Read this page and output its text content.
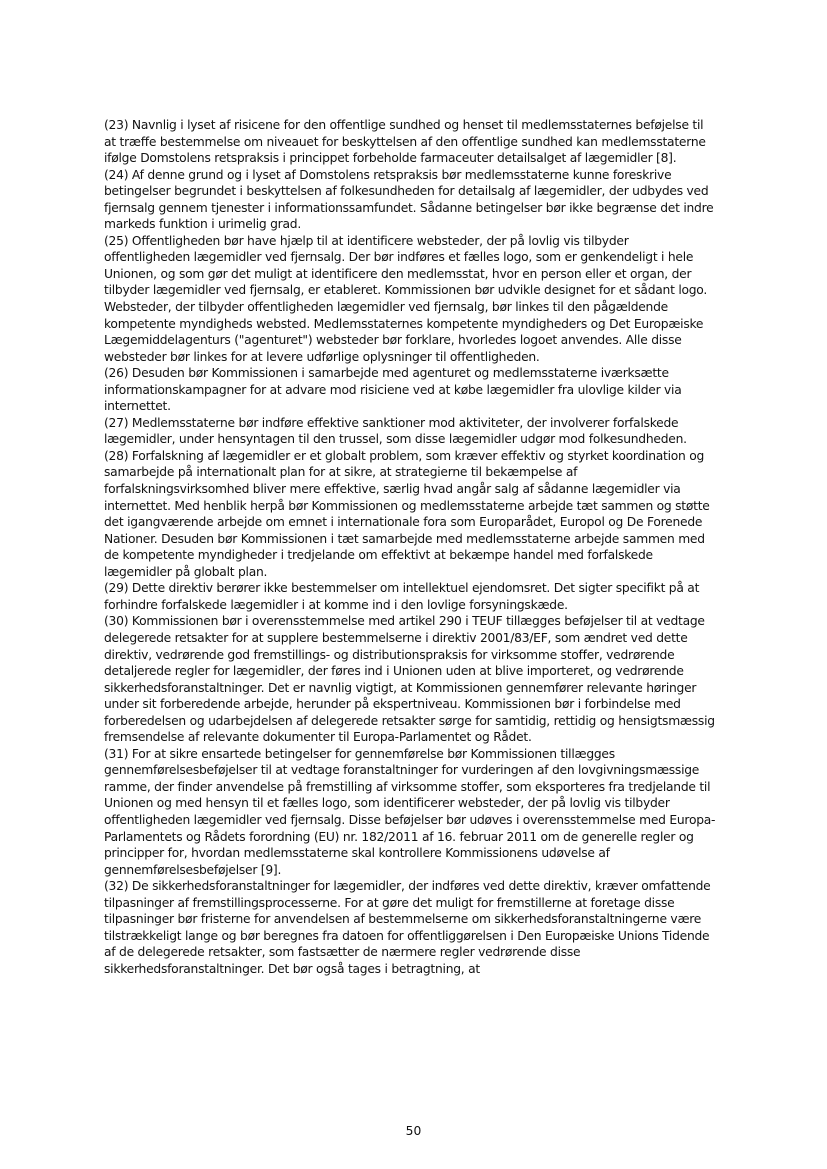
(23) Navnlig i lyset af risicene for den offentlige sundhed og henset til medlemsstaternes beføjelse til at træffe bestemmelse om niveauet for beskyttelsen af den offentlige sundhed kan medlemsstaterne ifølge Domstolens retspraksis i princippet forbeholde farmaceuter detailsalget af lægemidler [8].

(24) Af denne grund og i lyset af Domstolens retspraksis bør medlemsstaterne kunne foreskrive betingelser begrundet i beskyttelsen af folkesundheden for detailsalg af lægemidler, der udbydes ved fjernsalg gennem tjenester i informationssamfundet. Sådanne betingelser bør ikke begrænse det indre markeds funktion i urimelig grad.

(25) Offentligheden bør have hjælp til at identificere websteder, der på lovlig vis tilbyder offentligheden lægemidler ved fjernsalg. Der bør indføres et fælles logo, som er genkendeligt i hele Unionen, og som gør det muligt at identificere den medlemsstat, hvor en person eller et organ, der tilbyder lægemidler ved fjernsalg, er etableret. Kommissionen bør udvikle designet for et sådant logo. Websteder, der tilbyder offentligheden lægemidler ved fjernsalg, bør linkes til den pågældende kompetente myndigheds websted. Medlemsstaternes kompetente myndigheders og Det Europæiske Lægemiddelagenturs ("agenturet") websteder bør forklare, hvorledes logoet anvendes. Alle disse websteder bør linkes for at levere udførlige oplysninger til offentligheden.

(26) Desuden bør Kommissionen i samarbejde med agenturet og medlemsstaterne iværksætte informationskampagner for at advare mod risiciene ved at købe lægemidler fra ulovlige kilder via internettet.

(27) Medlemsstaterne bør indføre effektive sanktioner mod aktiviteter, der involverer forfalskede lægemidler, under hensyntagen til den trussel, som disse lægemidler udgør mod folkesundheden.

(28) Forfalskning af lægemidler er et globalt problem, som kræver effektiv og styrket koordination og samarbejde på internationalt plan for at sikre, at strategierne til bekæmpelse af forfalskningsvirksomhed bliver mere effektive, særlig hvad angår salg af sådanne lægemidler via internettet. Med henblik herpå bør Kommissionen og medlemsstaterne arbejde tæt sammen og støtte det igangværende arbejde om emnet i internationale fora som Europarådet, Europol og De Forenede Nationer. Desuden bør Kommissionen i tæt samarbejde med medlemsstaterne arbejde sammen med de kompetente myndigheder i tredjelande om effektivt at bekæmpe handel med forfalskede lægemidler på globalt plan.

(29) Dette direktiv berører ikke bestemmelser om intellektuel ejendomsret. Det sigter specifikt på at forhindre forfalskede lægemidler i at komme ind i den lovlige forsyningskæde.

(30) Kommissionen bør i overensstemmelse med artikel 290 i TEUF tillægges beføjelser til at vedtage delegerede retsakter for at supplere bestemmelserne i direktiv 2001/83/EF, som ændret ved dette direktiv, vedrørende god fremstillings- og distributionspraksis for virksomme stoffer, vedrørende detaljerede regler for lægemidler, der føres ind i Unionen uden at blive importeret, og vedrørende sikkerhedsforanstaltninger. Det er navnlig vigtigt, at Kommissionen gennemfører relevante høringer under sit forberedende arbejde, herunder på ekspertniveau. Kommissionen bør i forbindelse med forberedelsen og udarbejdelsen af delegerede retsakter sørge for samtidig, rettidig og hensigtsmæssig fremsendelse af relevante dokumenter til Europa-Parlamentet og Rådet.

(31) For at sikre ensartede betingelser for gennemførelse bør Kommissionen tillægges gennemførelsesbeføjelser til at vedtage foranstaltninger for vurderingen af den lovgivningsmæssige ramme, der finder anvendelse på fremstilling af virksomme stoffer, som eksporteres fra tredjelande til Unionen og med hensyn til et fælles logo, som identificerer websteder, der på lovlig vis tilbyder offentligheden lægemidler ved fjernsalg. Disse beføjelser bør udøves i overensstemmelse med Europa-Parlamentets og Rådets forordning (EU) nr. 182/2011 af 16. februar 2011 om de generelle regler og principper for, hvordan medlemsstaterne skal kontrollere Kommissionens udøvelse af gennemførelsesbeføjelser [9].

(32) De sikkerhedsforanstaltninger for lægemidler, der indføres ved dette direktiv, kræver omfattende tilpasninger af fremstillingsprocesserne. For at gøre det muligt for fremstillerne at foretage disse tilpasninger bør fristerne for anvendelsen af bestemmelserne om sikkerhedsforanstaltningerne være tilstrækkeligt lange og bør beregnes fra datoen for offentliggørelsen i Den Europæiske Unions Tidende af de delegerede retsakter, som fastsætter de nærmere regler vedrørende disse sikkerhedsforanstaltninger. Det bør også tages i betragtning, at

50
